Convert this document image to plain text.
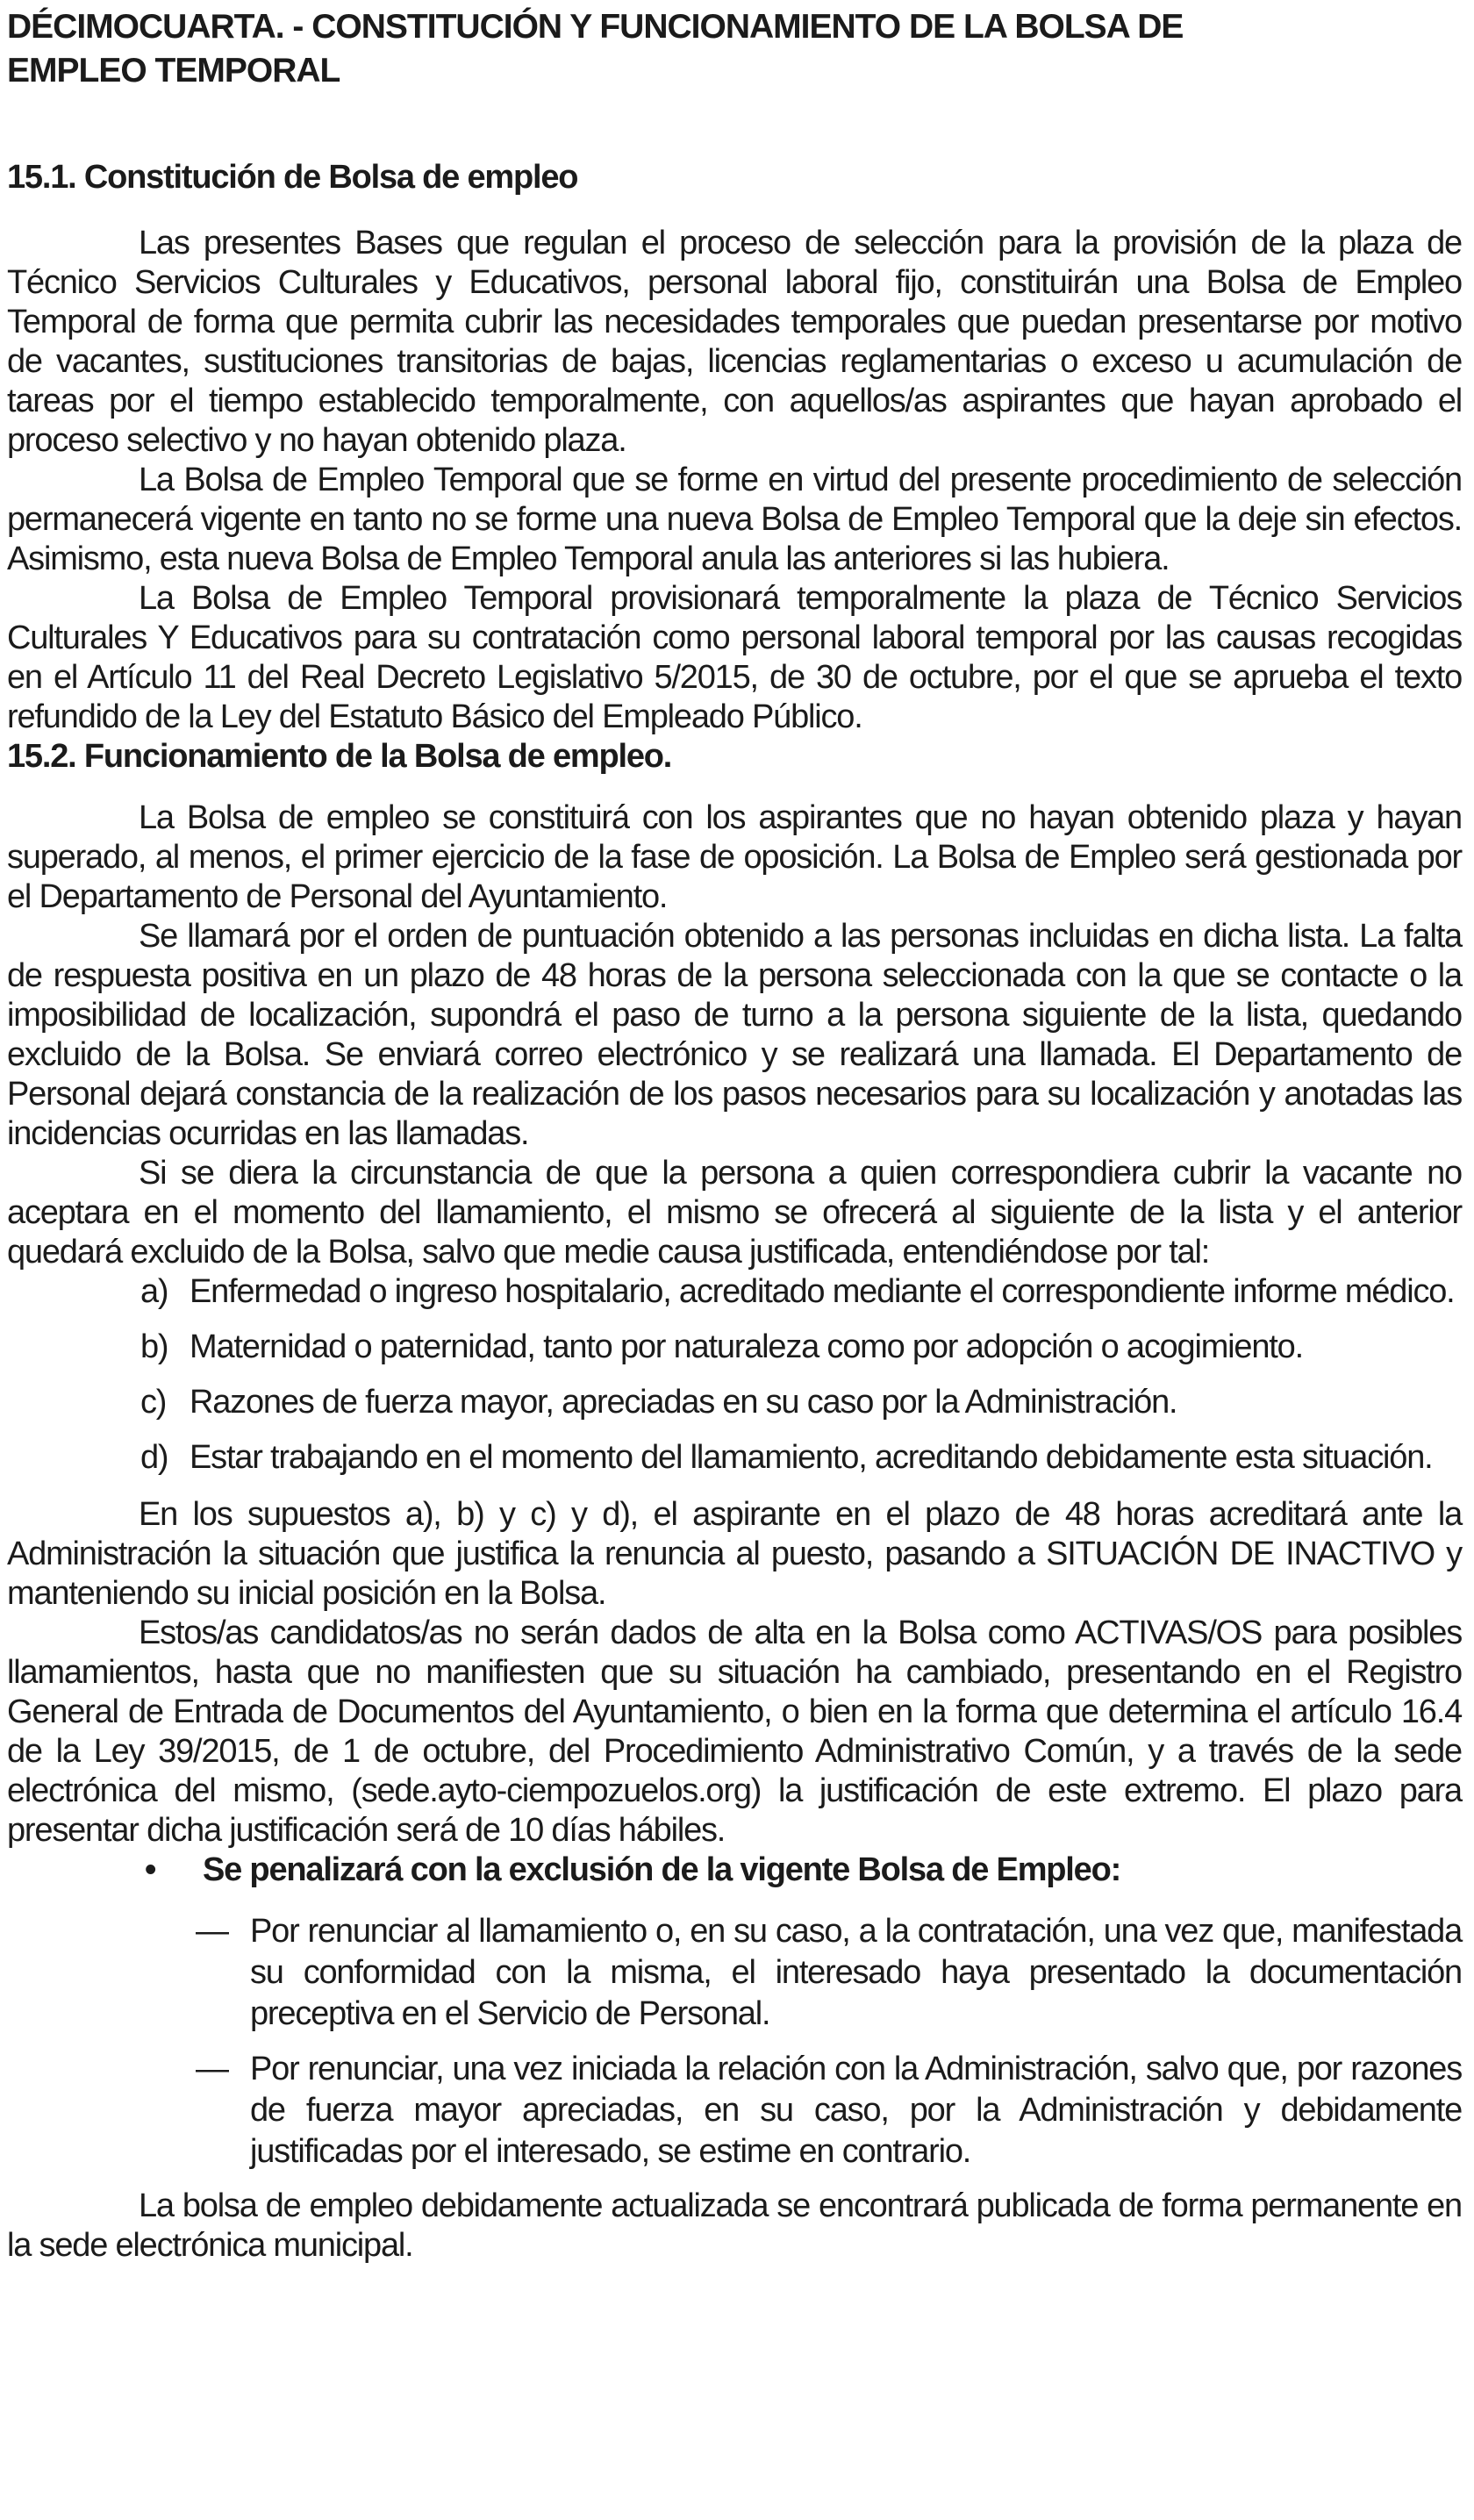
DÉCIMOCUARTA. - CONSTITUCIÓN Y FUNCIONAMIENTO DE LA BOLSA DE EMPLEO TEMPORAL
15.1. Constitución de Bolsa de empleo

Las presentes Bases que regulan el proceso de selección para la provisión de la plaza de Técnico Servicios Culturales y Educativos, personal laboral fijo, constituirán una Bolsa de Empleo Temporal de forma que permita cubrir las necesidades temporales que puedan presentarse por motivo de vacantes, sustituciones transitorias de bajas, licencias reglamentarias o exceso u acumulación de tareas por el tiempo establecido temporalmente, con aquellos/as aspirantes que hayan aprobado el proceso selectivo y no hayan obtenido plaza.

La Bolsa de Empleo Temporal que se forme en virtud del presente procedimiento de selección permanecerá vigente en tanto no se forme una nueva Bolsa de Empleo Temporal que la deje sin efectos. Asimismo, esta nueva Bolsa de Empleo Temporal anula las anteriores si las hubiera.

La Bolsa de Empleo Temporal provisionará temporalmente la plaza de Técnico Servicios Culturales Y Educativos para su contratación como personal laboral temporal por las causas recogidas en el Artículo 11 del Real Decreto Legislativo 5/2015, de 30 de octubre, por el que se aprueba el texto refundido de la Ley del Estatuto Básico del Empleado Público.

15.2. Funcionamiento de la Bolsa de empleo.

La Bolsa de empleo se constituirá con los aspirantes que no hayan obtenido plaza y hayan superado, al menos, el primer ejercicio de la fase de oposición. La Bolsa de Empleo será gestionada por el Departamento de Personal del Ayuntamiento.

Se llamará por el orden de puntuación obtenido a las personas incluidas en dicha lista. La falta de respuesta positiva en un plazo de 48 horas de la persona seleccionada con la que se contacte o la imposibilidad de localización, supondrá el paso de turno a la persona siguiente de la lista, quedando excluido de la Bolsa. Se enviará correo electrónico y se realizará una llamada. El Departamento de Personal dejará constancia de la realización de los pasos necesarios para su localización y anotadas las incidencias ocurridas en las llamadas.

Si se diera la circunstancia de que la persona a quien correspondiera cubrir la vacante no aceptara en el momento del llamamiento, el mismo se ofrecerá al siguiente de la lista y el anterior quedará excluido de la Bolsa, salvo que medie causa justificada, entendiéndose por tal:

a) Enfermedad o ingreso hospitalario, acreditado mediante el correspondiente informe médico.
b) Maternidad o paternidad, tanto por naturaleza como por adopción o acogimiento.
c) Razones de fuerza mayor, apreciadas en su caso por la Administración.
d) Estar trabajando en el momento del llamamiento, acreditando debidamente esta situación.

En los supuestos a), b) y c) y d), el aspirante en el plazo de 48 horas acreditará ante la Administración la situación que justifica la renuncia al puesto, pasando a SITUACIÓN DE INACTIVO y manteniendo su inicial posición en la Bolsa.

Estos/as candidatos/as no serán dados de alta en la Bolsa como ACTIVAS/OS para posibles llamamientos, hasta que no manifiesten que su situación ha cambiado, presentando en el Registro General de Entrada de Documentos del Ayuntamiento, o bien en la forma que determina el artículo 16.4 de la Ley 39/2015, de 1 de octubre, del Procedimiento Administrativo Común, y a través de la sede electrónica del mismo, (sede.ayto-ciempozuelos.org) la justificación de este extremo. El plazo para presentar dicha justificación será de 10 días hábiles.

•	Se penalizará con la exclusión de la vigente Bolsa de Empleo:
— Por renunciar al llamamiento o, en su caso, a la contratación, una vez que, manifestada su conformidad con la misma, el interesado haya presentado la documentación preceptiva en el Servicio de Personal.
— Por renunciar, una vez iniciada la relación con la Administración, salvo que, por razones de fuerza mayor apreciadas, en su caso, por la Administración y debidamente justificadas por el interesado, se estime en contrario.

La bolsa de empleo debidamente actualizada se encontrará publicada de forma permanente en la sede electrónica municipal.
